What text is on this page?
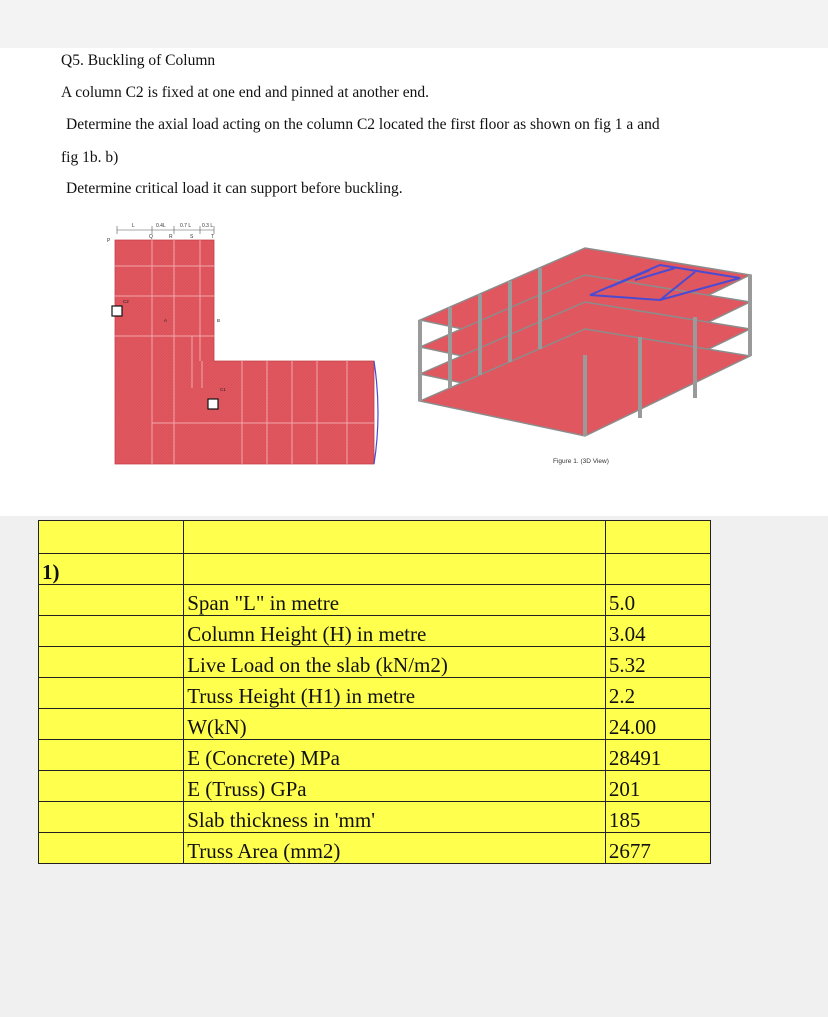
Q5. Buckling of Column
A column C2 is fixed at one end and pinned at another end.
Determine the axial load acting on the column C2 located the first floor as shown on fig 1 a and
fig 1b. b)
Determine critical load it can support before buckling.
L	0.4L	0.7 L 0.3 L
P
Q	R	S	T
C2
A	B
C1
Figure 1. (3D View)

1)		
	Span "L" in metre	5.0
	Column Height (H) in metre	3.04
	Live Load on the slab (kN/m2)	5.32
	Truss Height (H1) in metre	2.2
	W(kN)	24.00
	E (Concrete) MPa	28491
	E (Truss) GPa	201
	Slab thickness in 'mm'	185
	Truss Area (mm2)	2677
